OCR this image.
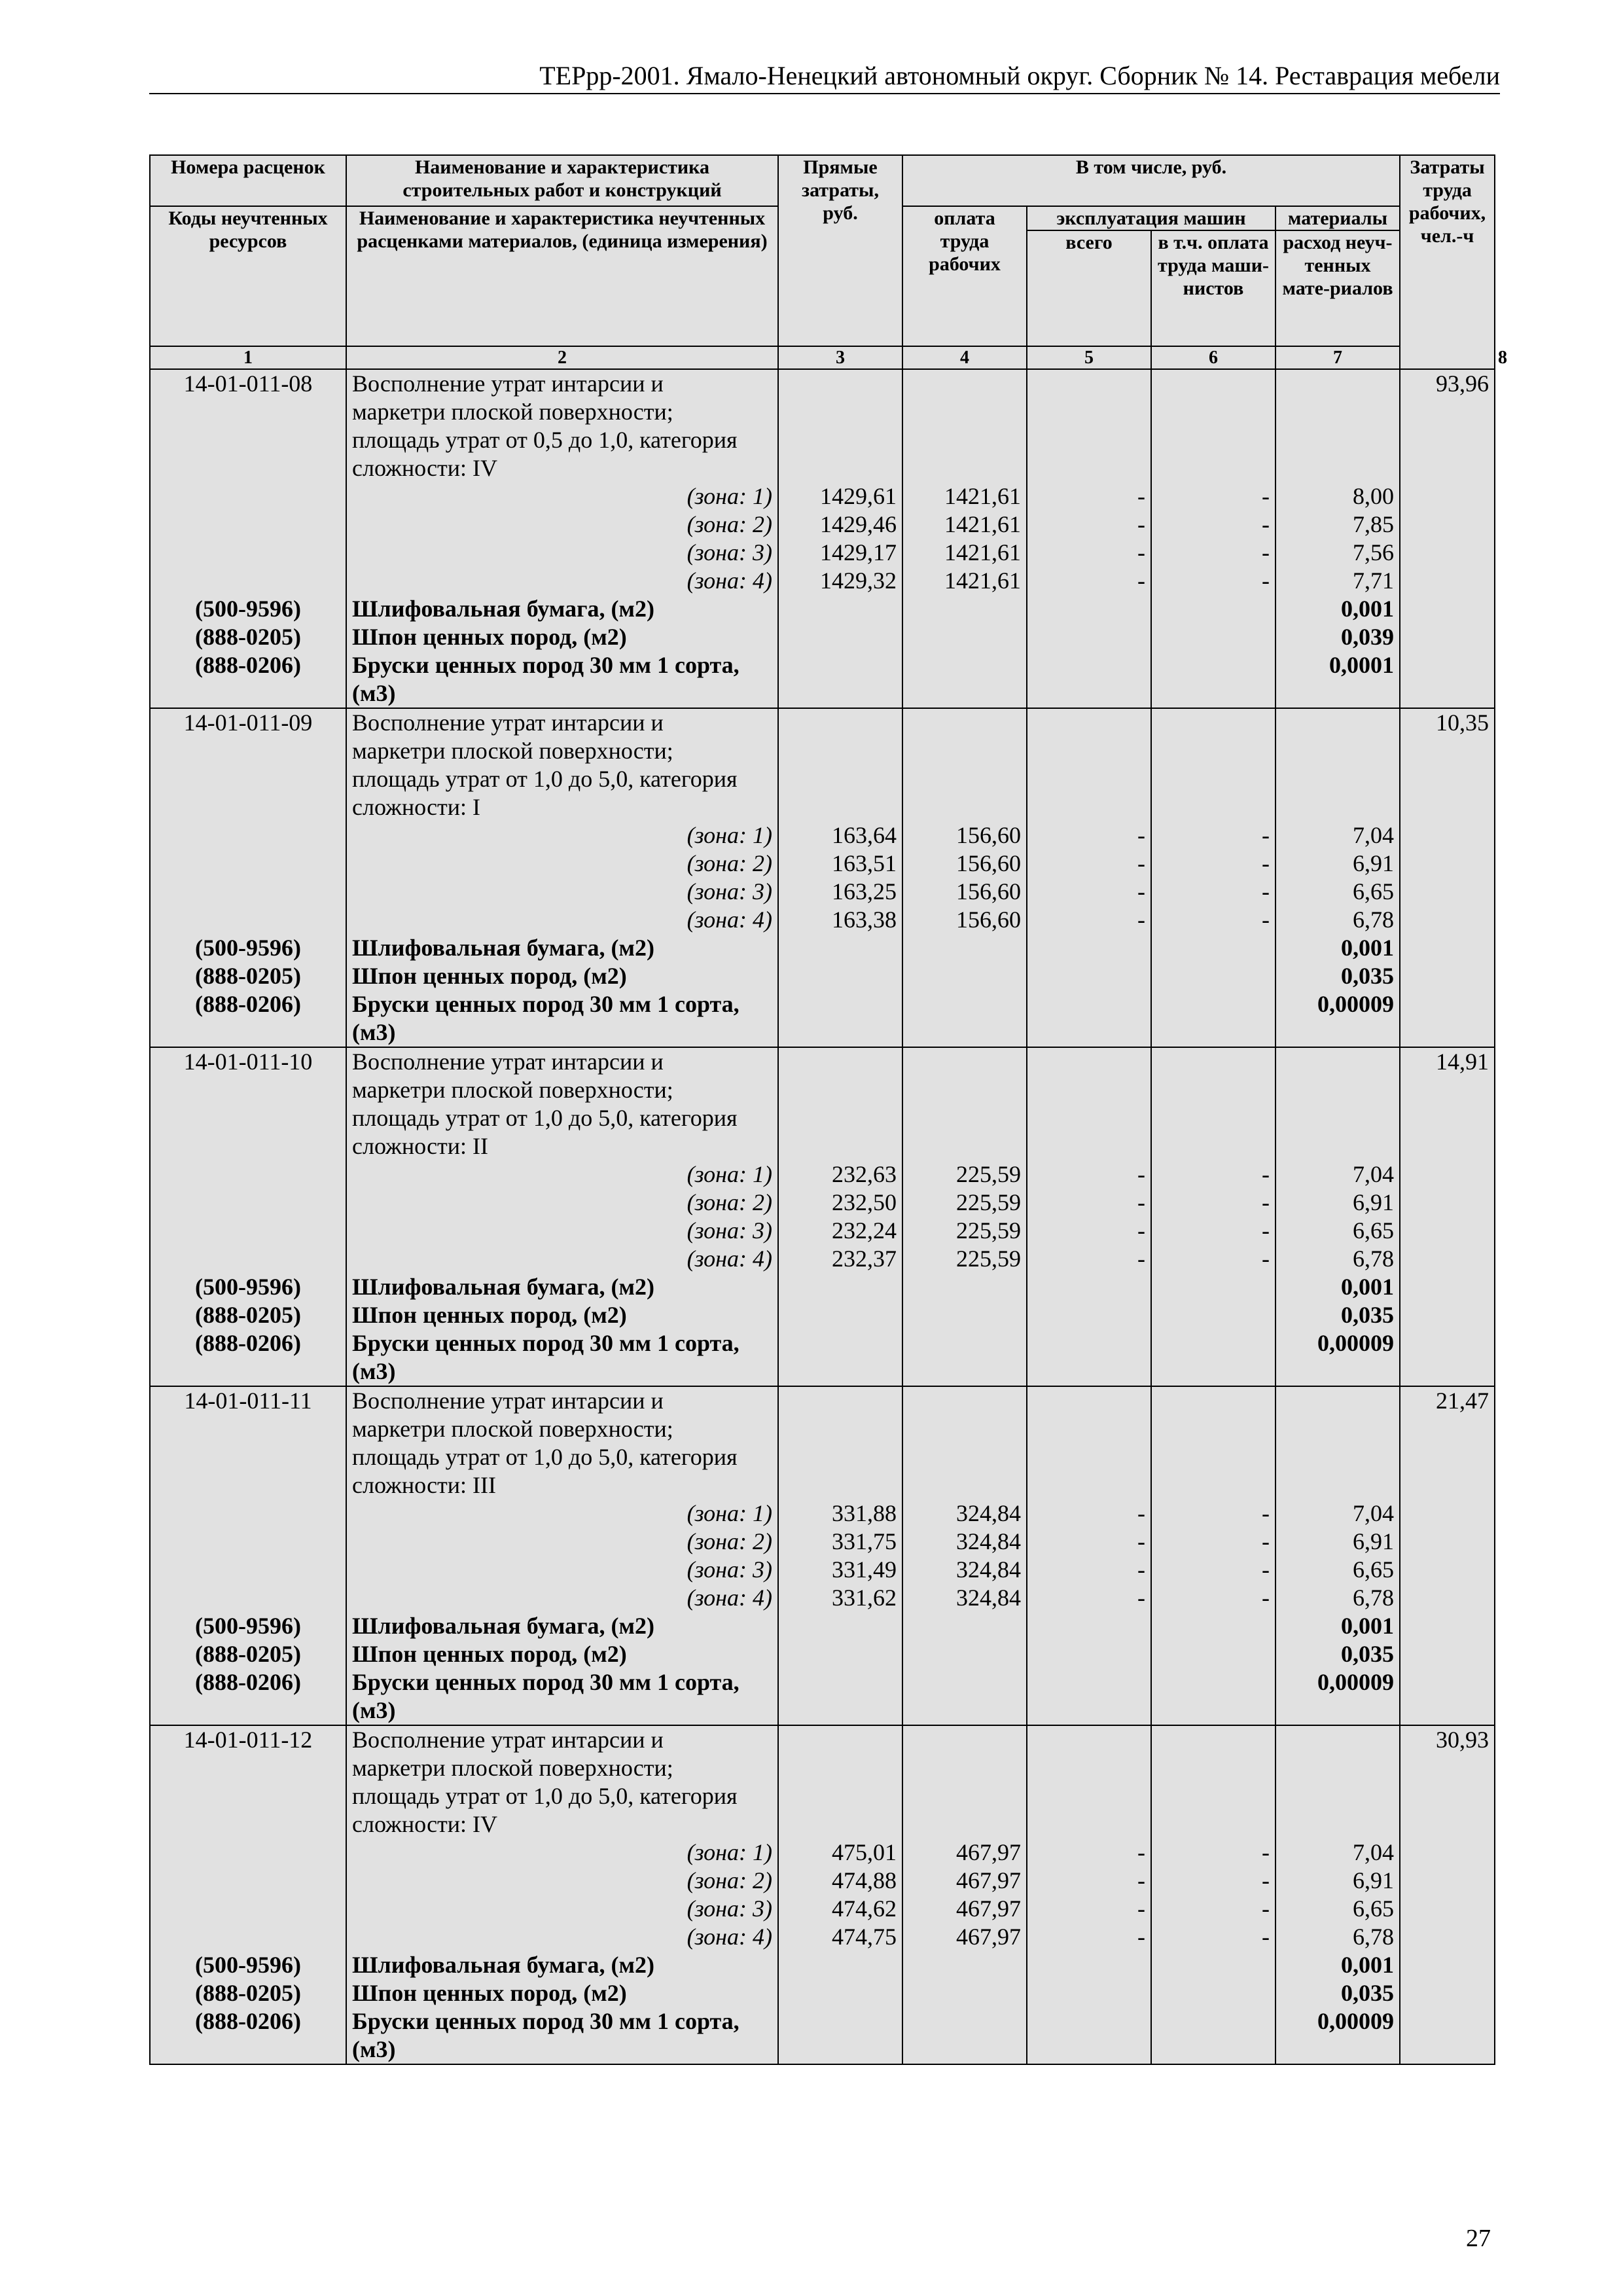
ТЕРрр-2001. Ямало-Ненецкий автономный округ. Сборник № 14. Реставрация мебели
Номера расценок	Наименование и характеристика строительных работ и конструкций	Прямые затраты, руб.	В том числе, руб.				Затраты труда рабочих, чел.-ч	
Коды неучтенных ресурсов	Наименование и характеристика неучтенных расценками материалов, (единица измерения)		оплата труда рабочих	эксплуатация машин		материалы		
				всего	в т.ч. оплата труда маши-нистов	расход неуч-тенных мате-риалов		
1	2	3	4	5	6	7		8
14-01-011-08	Восполнение утрат интарсии и						93,96	
	маркетри плоской поверхности;							
	площадь утрат от 0,5 до 1,0, категория							
	сложности: IV							
	(зона: 1)	1429,61	1421,61	-	-	8,00		
	(зона: 2)	1429,46	1421,61	-	-	7,85		
	(зона: 3)	1429,17	1421,61	-	-	7,56		
	(зона: 4)	1429,32	1421,61	-	-	7,71		
(500-9596)	Шлифовальная бумага, (м2)					0,001		
(888-0205)	Шпон ценных пород, (м2)					0,039		
(888-0206)	Бруски ценных пород 30 мм 1 сорта,					0,0001		
	(м3)							
14-01-011-09	Восполнение утрат интарсии и						10,35	
	маркетри плоской поверхности;							
	площадь утрат от 1,0 до 5,0, категория							
	сложности: I							
	(зона: 1)	163,64	156,60	-	-	7,04		
	(зона: 2)	163,51	156,60	-	-	6,91		
	(зона: 3)	163,25	156,60	-	-	6,65		
	(зона: 4)	163,38	156,60	-	-	6,78		
(500-9596)	Шлифовальная бумага, (м2)					0,001		
(888-0205)	Шпон ценных пород, (м2)					0,035		
(888-0206)	Бруски ценных пород 30 мм 1 сорта,					0,00009		
	(м3)							
14-01-011-10	Восполнение утрат интарсии и						14,91	
	маркетри плоской поверхности;							
	площадь утрат от 1,0 до 5,0, категория							
	сложности: II							
	(зона: 1)	232,63	225,59	-	-	7,04		
	(зона: 2)	232,50	225,59	-	-	6,91		
	(зона: 3)	232,24	225,59	-	-	6,65		
	(зона: 4)	232,37	225,59	-	-	6,78		
(500-9596)	Шлифовальная бумага, (м2)					0,001		
(888-0205)	Шпон ценных пород, (м2)					0,035		
(888-0206)	Бруски ценных пород 30 мм 1 сорта,					0,00009		
	(м3)							
14-01-011-11	Восполнение утрат интарсии и						21,47	
	маркетри плоской поверхности;							
	площадь утрат от 1,0 до 5,0, категория							
	сложности: III							
	(зона: 1)	331,88	324,84	-	-	7,04		
	(зона: 2)	331,75	324,84	-	-	6,91		
	(зона: 3)	331,49	324,84	-	-	6,65		
	(зона: 4)	331,62	324,84	-	-	6,78		
(500-9596)	Шлифовальная бумага, (м2)					0,001		
(888-0205)	Шпон ценных пород, (м2)					0,035		
(888-0206)	Бруски ценных пород 30 мм 1 сорта,					0,00009		
	(м3)							
14-01-011-12	Восполнение утрат интарсии и						30,93	
	маркетри плоской поверхности;							
	площадь утрат от 1,0 до 5,0, категория							
	сложности: IV							
	(зона: 1)	475,01	467,97	-	-	7,04		
	(зона: 2)	474,88	467,97	-	-	6,91		
	(зона: 3)	474,62	467,97	-	-	6,65		
	(зона: 4)	474,75	467,97	-	-	6,78		
(500-9596)	Шлифовальная бумага, (м2)					0,001		
(888-0205)	Шпон ценных пород, (м2)					0,035		
(888-0206)	Бруски ценных пород 30 мм 1 сорта,					0,00009		
	(м3)							
27
